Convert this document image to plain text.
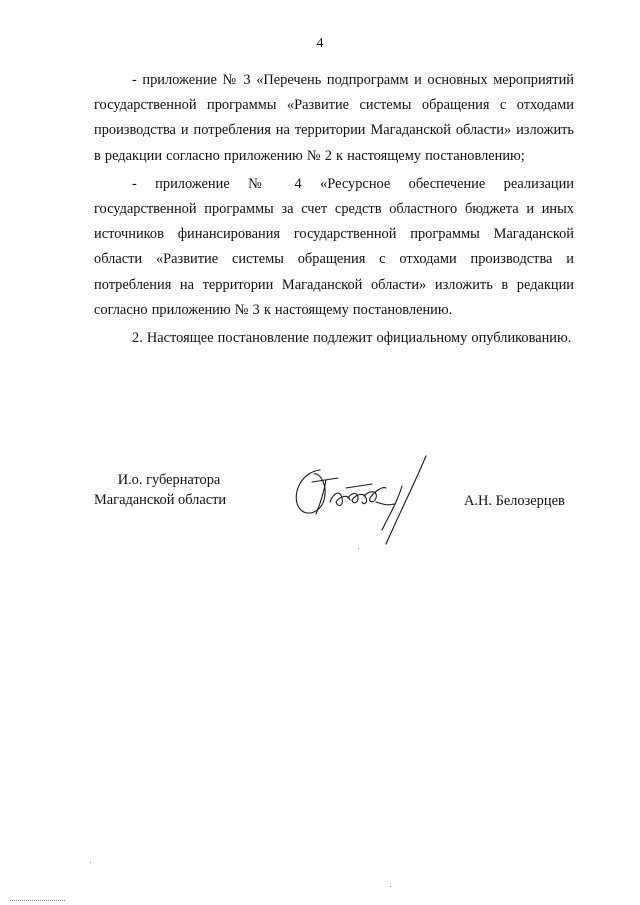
4

- приложение № 3 «Перечень подпрограмм и основных мероприятий государственной программы «Развитие системы обращения с отходами производства и потребления на территории Магаданской области» изложить в редакции согласно приложению № 2 к настоящему постановлению;

- приложение № 4 «Ресурсное обеспечение реализации государственной программы за счет средств областного бюджета и иных источников финансирования государственной программы Магаданской области «Развитие системы обращения с отходами производства и потребления на территории Магаданской области» изложить в редакции согласно приложению № 3 к настоящему постановлению.

2. Настоящее постановление подлежит официальному опубликованию.

И.о. губернатора
Магаданской области	А.Н. Белозерцев
